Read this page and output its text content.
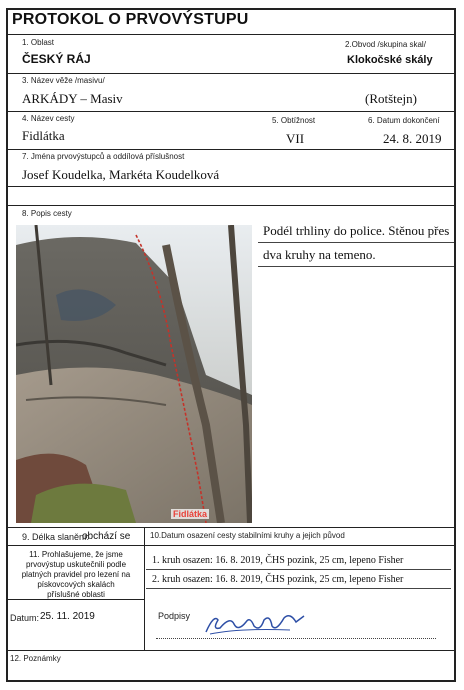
PROTOKOL O PRVOVÝSTUPU
1. Oblast
ČESKÝ RÁJ
2.Obvod /skupina skal/
Klokočské skály
3. Název věže /masivu/
ARKÁDY – Masiv	(Rotštejn)
4. Název cesty
Fidlátka
5. Obtížnost
VII
6. Datum dokončení
24. 8. 2019
7. Jména prvovýstupců a oddílová příslušnost
Josef Koudelka, Markéta Koudelková
8. Popis cesty
Fidlátka
Podél trhliny do police. Stěnou přes
dva kruhy na temeno.
9. Délka slanění:
obchází se 10.Datum osazení cesty stabilními kruhy a jejich původ
11. Prohlašujeme, že jsme
prvovýstup uskutečnili podle
platných pravidel pro lezení na
pískovcových skalách
příslušné oblasti
1. kruh osazen: 16. 8. 2019, ČHS pozink, 25 cm, lepeno Fisher
2. kruh osazen: 16. 8. 2019, ČHS pozink, 25 cm, lepeno Fisher
Datum: 25. 11. 2019	Podpisy
12. Poznámky
